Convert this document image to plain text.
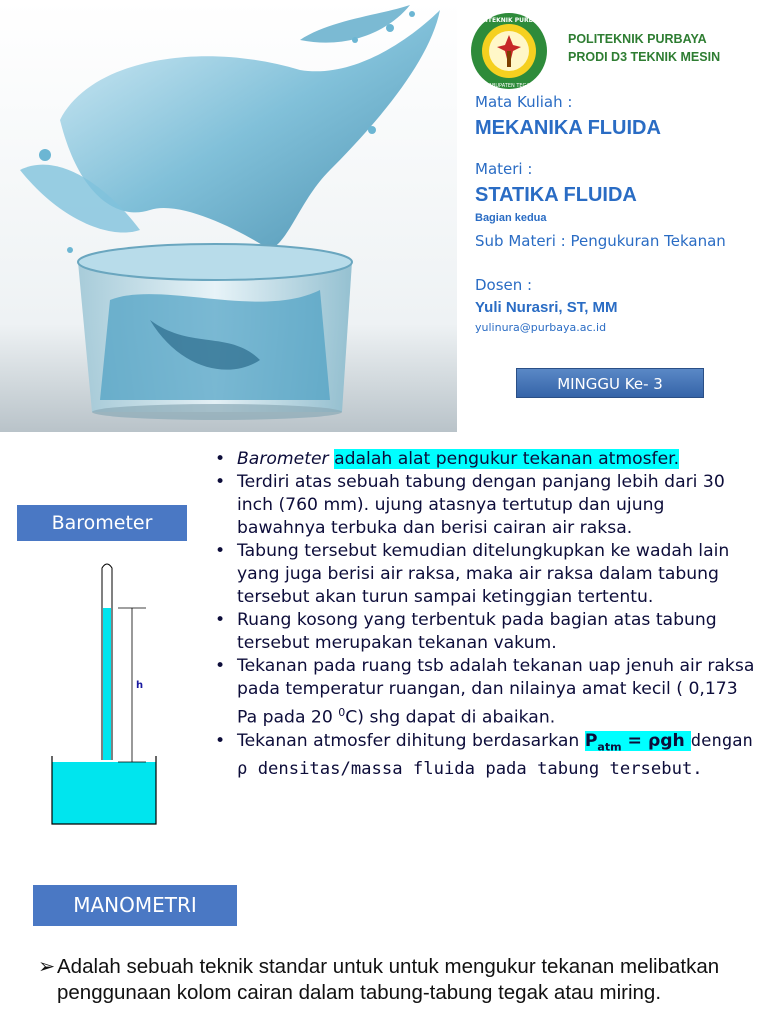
POLITEKNIK PURBAYA
KABUPATEN TEGAL
POLITEKNIK PURBAYA
PRODI D3 TEKNIK MESIN
Mata Kuliah :
MEKANIKA FLUIDA
Materi :
STATIKA FLUIDA
Bagian kedua
Sub Materi : Pengukuran Tekanan
Dosen :
Yuli Nurasri, ST, MM
yulinura@purbaya.ac.id
MINGGU Ke- 3
Barometer
h
• Barometer adalah alat pengukur tekanan atmosfer.
• Terdiri atas sebuah tabung dengan panjang lebih dari 30 inch (760 mm). ujung atasnya tertutup dan ujung bawahnya terbuka dan berisi cairan air raksa.
• Tabung tersebut kemudian ditelungkupkan ke wadah lain yang juga berisi air raksa, maka air raksa dalam tabung tersebut akan turun sampai ketinggian tertentu.
• Ruang kosong yang terbentuk pada bagian atas tabung tersebut merupakan tekanan vakum.
• Tekanan pada ruang tsb adalah tekanan uap jenuh air raksa pada temperatur ruangan, dan nilainya amat kecil ( 0,173 Pa pada 20 $^0$C) shg dapat di abaikan.
• Tekanan atmosfer dihitung berdasarkan $P_{atm} = \rho gh$ dengan ρ densitas/massa fluida pada tabung tersebut.
MANOMETRI
➢ Adalah sebuah teknik standar untuk untuk mengukur tekanan melibatkan penggunaan kolom cairan dalam tabung-tabung tegak atau miring.
